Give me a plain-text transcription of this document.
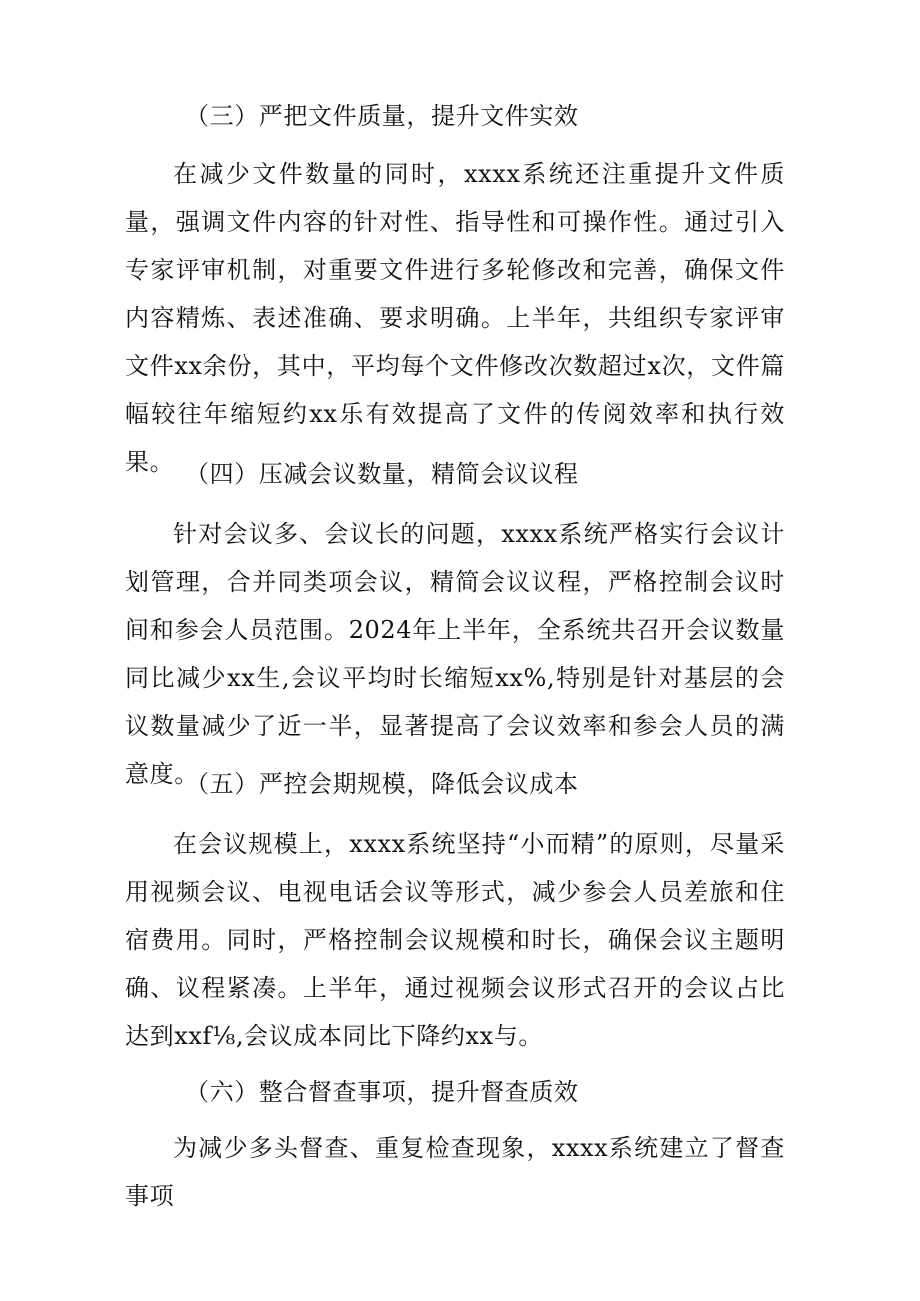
（三）严把文件质量，提升文件实效

在减少文件数量的同时，xxxx系统还注重提升文件质量，强调文件内容的针对性、指导性和可操作性。通过引入专家评审机制，对重要文件进行多轮修改和完善，确保文件内容精炼、表述准确、要求明确。上半年，共组织专家评审文件xx余份，其中，平均每个文件修改次数超过x次，文件篇幅较往年缩短约xx乐有效提高了文件的传阅效率和执行效果。 （四）压减会议数量，精简会议议程

针对会议多、会议长的问题，xxxx系统严格实行会议计划管理，合并同类项会议，精简会议议程，严格控制会议时间和参会人员范围。2024年上半年，全系统共召开会议数量同比减少xx生,会议平均时长缩短xx%,特别是针对基层的会议数量减少了近一半，显著提高了会议效率和参会人员的满意度。

（五）严控会期规模，降低会议成本

在会议规模上，xxxx系统坚持“小而精”的原则，尽量采用视频会议、电视电话会议等形式，减少参会人员差旅和住宿费用。同时，严格控制会议规模和时长，确保会议主题明确、议程紧凑。上半年，通过视频会议形式召开的会议占比达到xxf⅛,会议成本同比下降约xx与。

（六）整合督查事项，提升督查质效

为减少多头督查、重复检查现象，xxxx系统建立了督查事项
